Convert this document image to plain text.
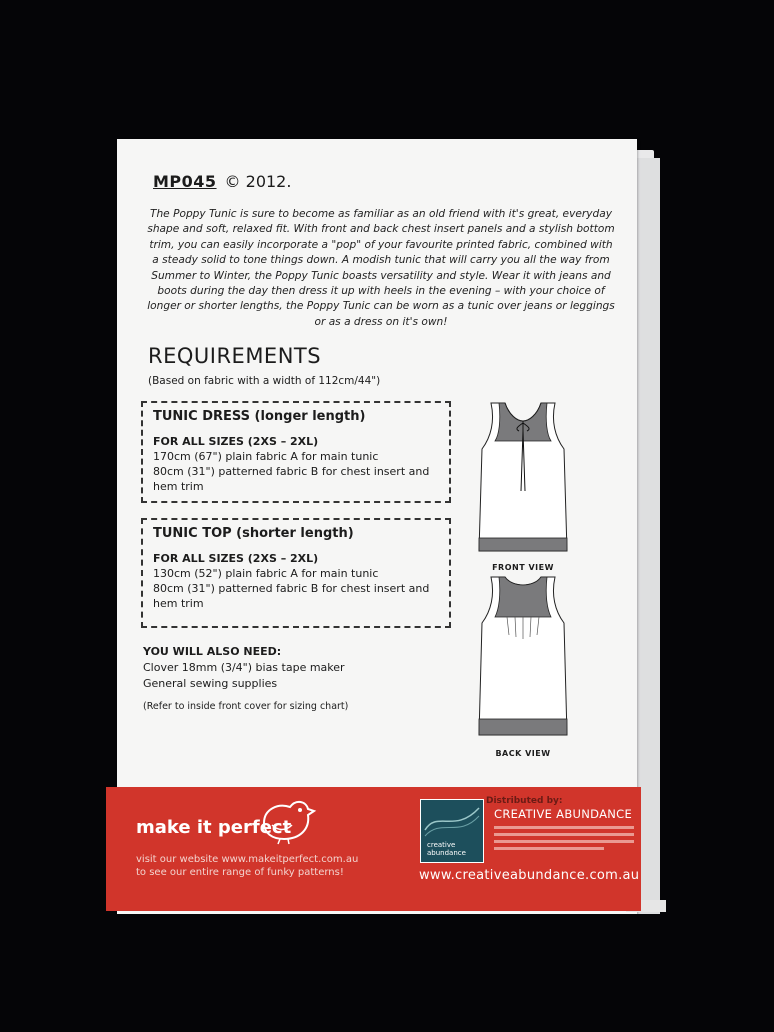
MP045 © 2012.
The Poppy Tunic is sure to become as familiar as an old friend with it's great, everyday shape and soft, relaxed fit. With front and back chest insert panels and a stylish bottom trim, you can easily incorporate a "pop" of your favourite printed fabric, combined with a steady solid to tone things down. A modish tunic that will carry you all the way from Summer to Winter, the Poppy Tunic boasts versatility and style. Wear it with jeans and boots during the day then dress it up with heels in the evening – with your choice of longer or shorter lengths, the Poppy Tunic can be worn as a tunic over jeans or leggings or as a dress on it's own!
REQUIREMENTS
(Based on fabric with a width of 112cm/44")
TUNIC DRESS (longer length)
FOR ALL SIZES (2XS – 2XL)
170cm (67") plain fabric A for main tunic
80cm (31") patterned fabric B for chest insert and
hem trim
TUNIC TOP (shorter length)
FOR ALL SIZES (2XS – 2XL)
130cm (52") plain fabric A for main tunic
80cm (31") patterned fabric B for chest insert and
hem trim
YOU WILL ALSO NEED:
Clover 18mm (3/4") bias tape maker
General sewing supplies
(Refer to inside front cover for sizing chart)
FRONT VIEW
BACK VIEW
make it perfect
visit our website www.makeitperfect.com.au
to see our entire range of funky patterns!
creative
abundance
Distributed by:
CREATIVE ABUNDANCE
www.creativeabundance.com.au
